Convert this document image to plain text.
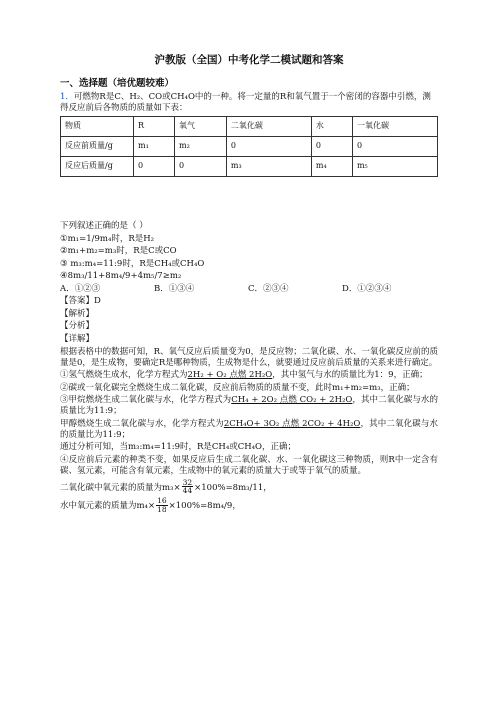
沪教版（全国）中考化学二模试题和答案
一、选择题（培优题较难）

1．可燃物R是C、H₂、CO或CH₄O中的一种。将一定量的R和氧气置于一个密闭的容器中引燃，测得反应前后各物质的质量如下表：

物质	R	氧气	二氧化碳	水	一氧化碳
反应前质量/g	m₁	m₂	0	0	0
反应后质量/g	0	0	m₃	m₄	m₅
下列叙述正确的是（ ）
①m₁=1/9m₄时，R是H₂
②m₁+m₂=m₃时，R是C或CO
③ m₃:m₄=11:9时，R是CH₄或CH₄O
④8m₃/11+8m₄/9+4m₅/7≥m₂
A．①②③	B．①③④	C．②③④	D．①②③④
【答案】D
【解析】
【分析】
【详解】
根据表格中的数据可知，R、氧气反应后质量变为0，是反应物；二氧化碳、水、一氧化碳反应前的质量是0，是生成物，要确定R是哪种物质，生成物是什么，就要通过反应前后质量的关系来进行确定。
①氢气燃烧生成水，化学方程式为2H₂ + O₂ 点燃 2H₂O，其中氢气与水的质量比为1：9，正确；
②碳或一氧化碳完全燃烧生成二氧化碳，反应前后物质的质量不变，此时m₁+m₂=m₃，正确；
③甲烷燃烧生成二氧化碳与水，化学方程式为CH₄ + 2O₂ 点燃 CO₂ + 2H₂O，其中二氧化碳与水的质量比为11:9；
甲醇燃烧生成二氧化碳与水，化学方程式为2CH₄O+ 3O₂ 点燃 2CO₂ + 4H₂O，其中二氧化碳与水的质量比为11:9；
通过分析可知，当m₃:m₄=11:9时，R是CH₄或CH₄O，正确；
④反应前后元素的种类不变，如果反应后生成二氧化碳、水、一氧化碳这三种物质，则R中一定含有碳、氢元素，可能含有氧元素，生成物中的氧元素的质量大于或等于氧气的质量。
二氧化碳中氧元素的质量为$m_3\times \frac{32}{44} \times 100\%=8m_3/11$，
水中氧元素的质量为$m_4\times \frac{16}{18} \times 100\%=8m_4/9$，
